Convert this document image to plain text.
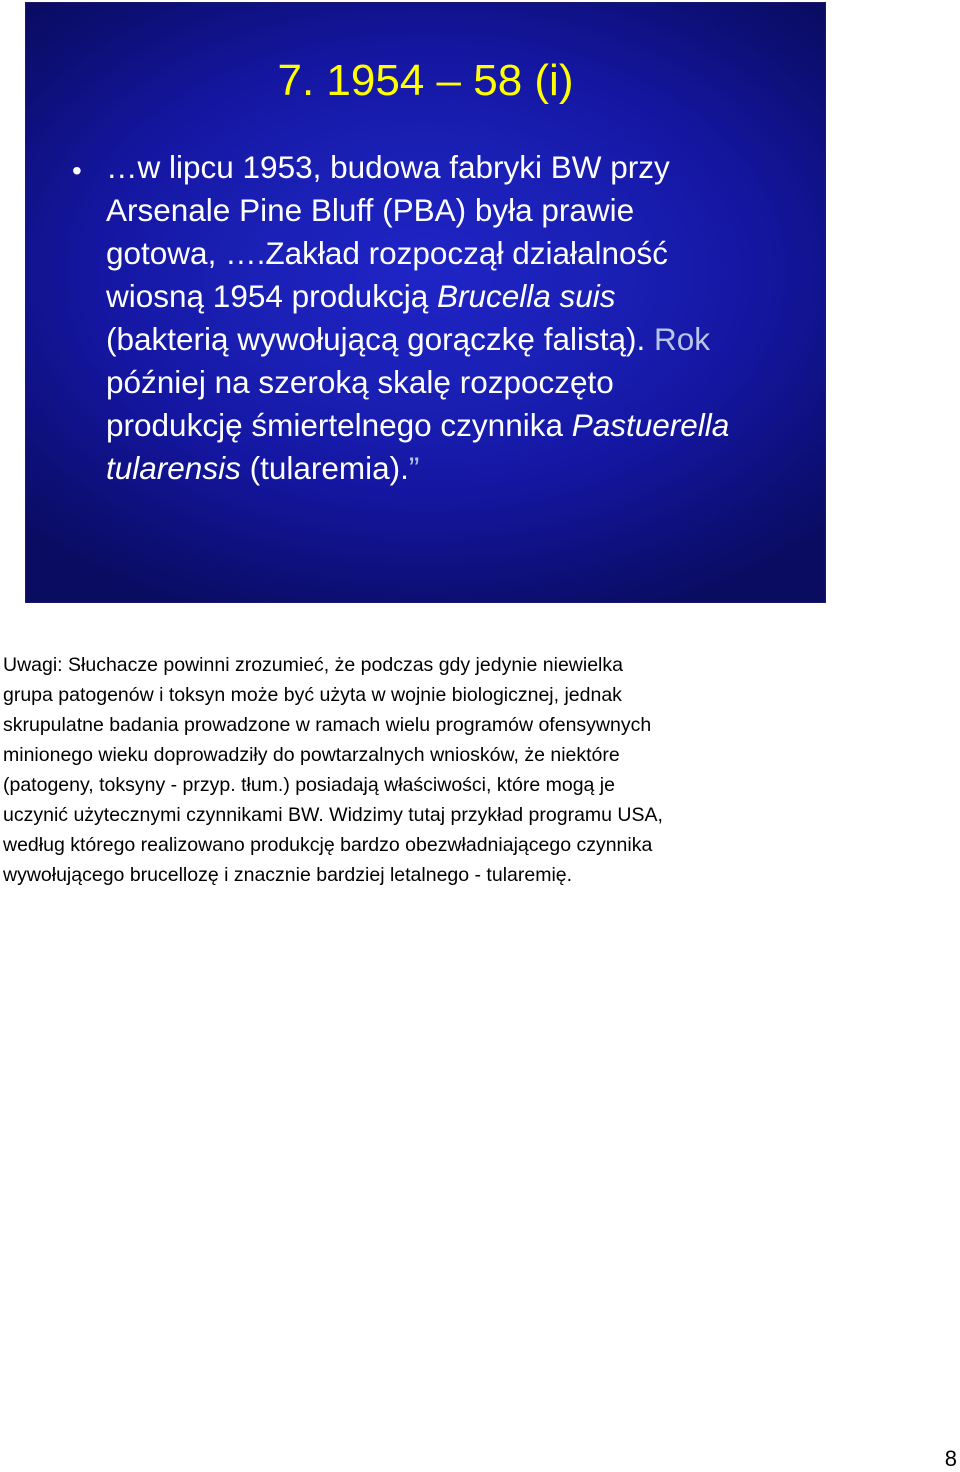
7. 1954 – 58 (i)
• …w lipcu 1953, budowa fabryki BW przy
Arsenale Pine Bluff (PBA) była prawie
gotowa, ….Zakład rozpoczął działalność
wiosną 1954 produkcją Brucella suis
(bakterią wywołującą gorączkę falistą). Rok
później na szeroką skalę rozpoczęto
produkcję śmiertelnego czynnika Pastuerella
tularensis (tularemia).”

Uwagi: Słuchacze powinni zrozumieć, że podczas gdy jedynie niewielka
grupa patogenów i toksyn może być użyta w wojnie biologicznej, jednak
skrupulatne badania prowadzone w ramach wielu programów ofensywnych
minionego wieku doprowadziły do powtarzalnych wniosków, że niektóre
(patogeny, toksyny - przyp. tłum.) posiadają właściwości, które mogą je
uczynić użytecznymi czynnikami BW. Widzimy tutaj przykład programu USA,
według którego realizowano produkcję bardzo obezwładniającego czynnika
wywołującego brucellozę i znacznie bardziej letalnego - tularemię.

8
